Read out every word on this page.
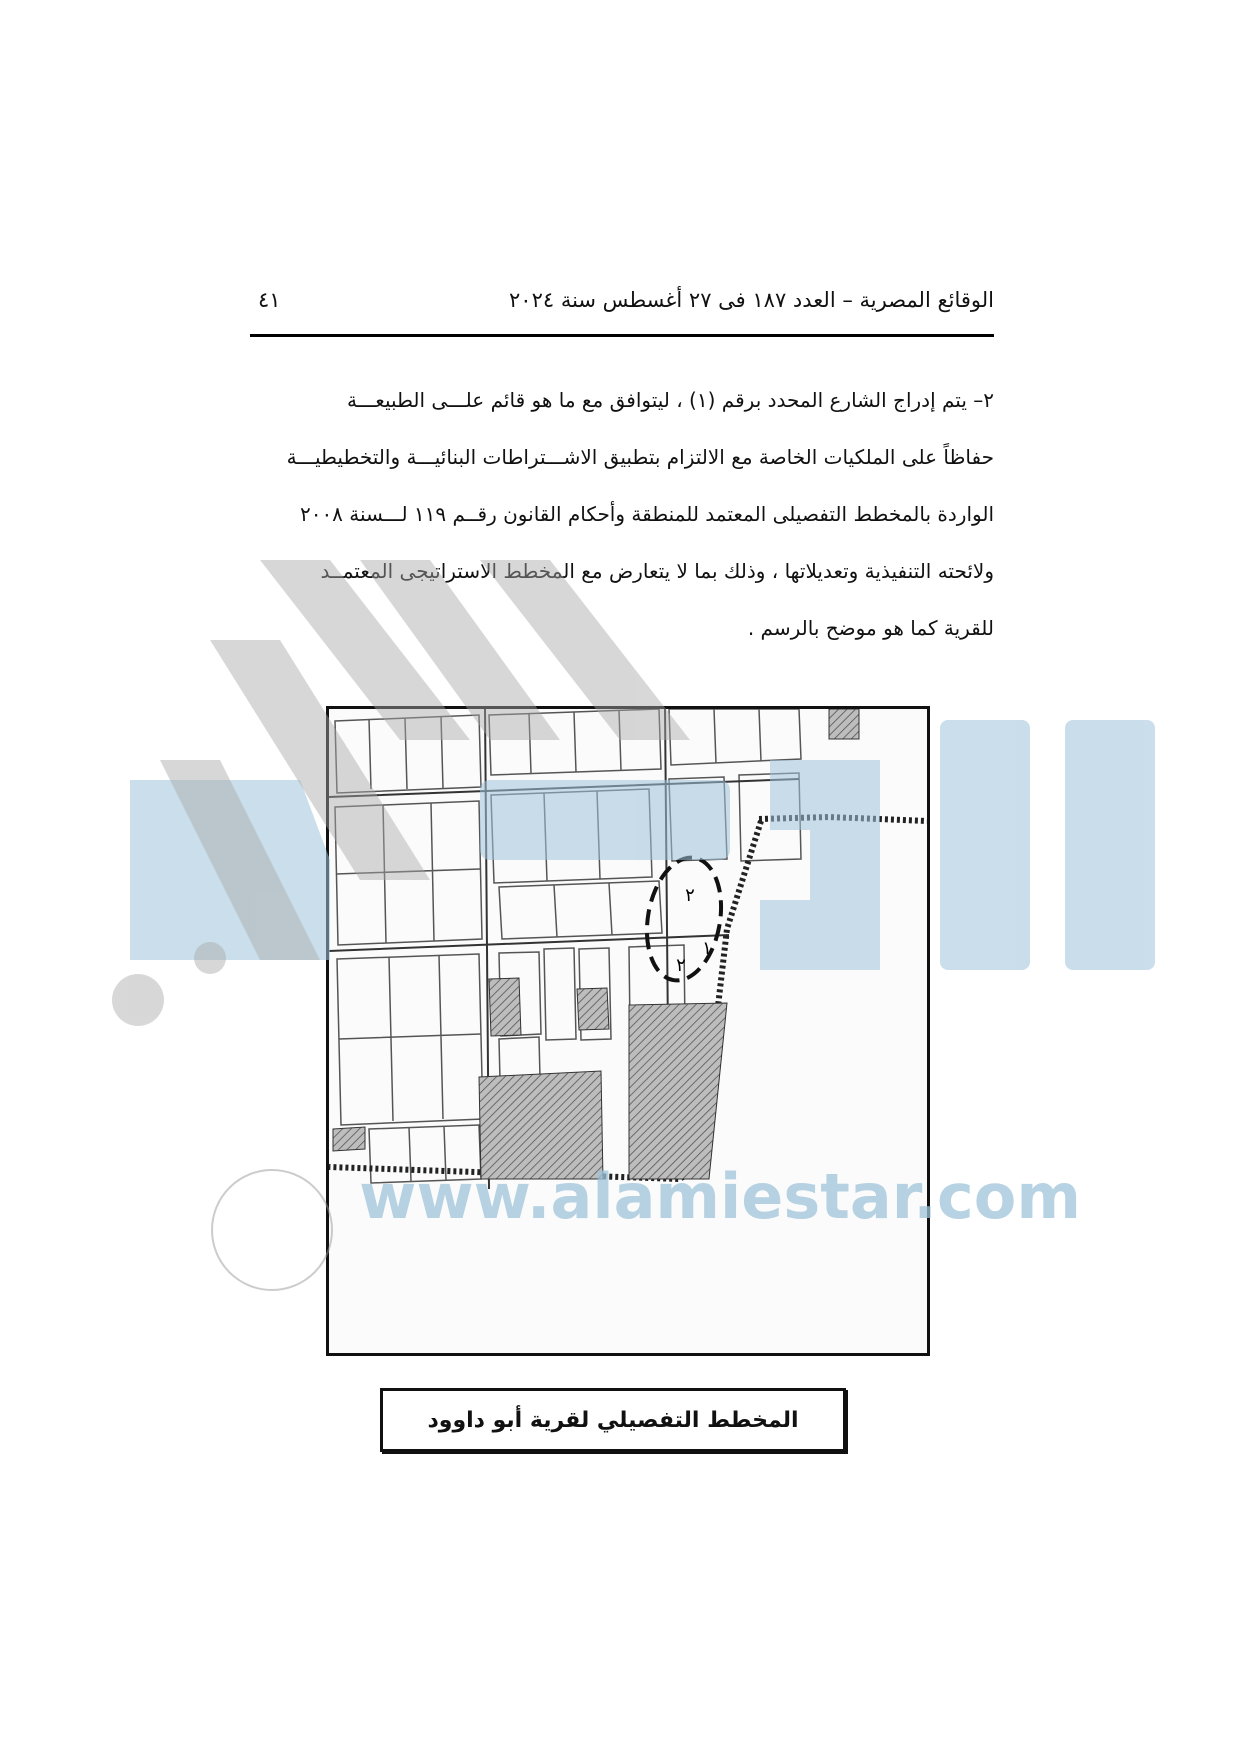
الوقائع المصرية – العدد ١٨٧ فى ٢٧ أغسطس سنة ٢٠٢٤
٤١

٢– يتم إدراج الشارع المحدد برقم (١) ، ليتوافق مع ما هو قائم علـــى الطبيعـــة

حفاظاً على الملكيات الخاصة مع الالتزام بتطبيق الاشـــتراطات البنائيـــة والتخطيطيـــة

الواردة بالمخطط التفصيلى المعتمد للمنطقة وأحكام القانون رقــم ١١٩ لـــسنة ٢٠٠٨

ولائحته التنفيذية وتعديلاتها ، وذلك بما لا يتعارض مع المخطط الاستراتيجى المعتمــد

للقرية كما هو موضح بالرسم .

٢
١
٢
المخطط التفصيلي لقرية أبو داوود
www.alamiestar.com
